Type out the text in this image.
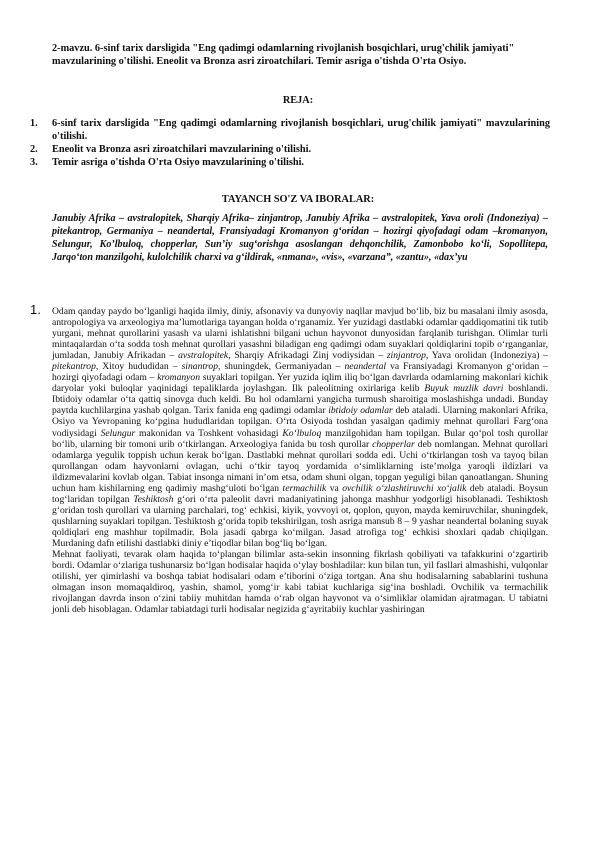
2-mavzu. 6-sinf tarix darsligida "Eng qadimgi odamlarning rivojlanish bosqichlari, urug'chilik jamiyati" mavzularining o'tilishi. Eneolit va Bronza asri ziroatchilari. Temir asriga o'tishda O'rta Osiyo.
REJA:
1. 6-sinf tarix darsligida "Eng qadimgi odamlarning rivojlanish bosqichlari, urug'chilik jamiyati" mavzularining o'tilishi.
2. Eneolit va Bronza asri ziroatchilari mavzularining o'tilishi.
3. Temir asriga o'tishda O'rta Osiyo mavzularining o'tilishi.
TAYANCH SO'Z VA IBORALAR:
Janubiy Afrika – avstralopitek, Sharqiy Afrika– zinjantrop, Janubiy Afrika – avstralopitek, Yava oroli (Indoneziya) – pitekantrop, Germaniya – neandertal, Fransiyadagi Kromanyon g‘oridan – hozirgi qiyofadagi odam –kromanyon, Selungur, Ko’lbuloq, chopperlar, Sun’iy sug‘orishga asoslangan dehqonchilik, Zamonbobo ko‘li, Sopollitepa, Jarqo‘ton manzilgohi, kulolchilik charxi va g‘ildirak, «nmana», «vis», «varzana”, «zantu», «dax’yu
1. Odam qanday paydo bo‘lganligi haqida ilmiy, diniy, afsonaviy va dunyoviy naqllar mavjud bo‘lib, biz bu masalani ilmiy asosda, antropologiya va arxeologiya ma’lumotlariga tayangan holda o‘rganamiz. Yer yuzidagi dastlabki odamlar qaddiqomatini tik tutib yurgani, mehnat qurollarini yasash va ularni ishlatishni bilgani uchun hayvonot dunyosidan farqlanib turishgan. Olimlar turli mintaqalardan o‘ta sodda tosh mehnat qurollari yasashni biladigan eng qadimgi odam suyaklari qoldiqlarini topib o‘rganganlar, jumladan, Janubiy Afrikadan – avstralopitek, Sharqiy Afrikadagi Zinj vodiysidan – zinjantrop, Yava orolidan (Indoneziya) – pitekantrop, Xitoy hududidan – sinantrop, shuningdek, Germaniyadan – neandertal va Fransiyadagi Kromanyon g‘oridan – hozirgi qiyofadagi odam – kromanyon suyaklari topilgan. Yer yuzida iqlim iliq bo‘lgan davrlarda odamlarning makonlari kichik daryolar yoki buloqlar yaqinidagi tepaliklarda joylashgan. Ilk paleolitning oxirlariga kelib Buyuk muzlik davri boshlandi. Ibtidoiy odamlar o‘ta qattiq sinovga duch keldi. Bu hol odamlarni yangicha turmush sharoitiga moslashishga undadi. Bunday paytda kuchlilargina yashab qolgan. Tarix fanida eng qadimgi odamlar ibtidoiy odamlar deb ataladi. Ularning makonlari Afrika, Osiyo va Yevropaning ko‘pgina hududlaridan topilgan. O‘rta Osiyoda toshdan yasalgan qadimiy mehnat qurollari Farg‘ona vodiysidagi Selungur makonidan va Toshkent vohasidagi Ko‘lbuloq manzilgohidan ham topilgan. Bular qo‘pol tosh qurollar bo‘lib, ularning bir tomoni urib o‘tkirlangan. Arxeologiya fanida bu tosh qurollar chopperlar deb nomlangan. Mehnat qurollari odamlarga yegulik toppish uchun kerak bo‘lgan. Dastlabki mehnat qurollari sodda edi. Uchi o‘tkirlangan tosh va tayoq bilan qurollangan odam hayvonlarni ovlagan, uchi o‘tkir tayoq yordamida o‘simliklarning iste’molga yaroqli ildizlari va ildizmevalarini kovlab olgan. Tabiat insonga nimani in’om etsa, odam shuni olgan, topgan yeguligi bilan qanoatlangan. Shuning uchun ham kishilarning eng qadimiy mashg‘uloti bo‘lgan termachilik va ovchilik o‘zlashtiruvchi xo‘jalik deb ataladi. Boysun tog‘laridan topilgan Teshiktosh g‘ori o‘rta paleolit davri madaniyatining jahonga mashhur yodgorligi hisoblanadi. Teshiktosh g‘oridan tosh qurollari va ularning parchalari, tog‘ echkisi, kiyik, yovvoyi ot, qoplon, quyon, mayda kemiruvchilar, shuningdek, qushlarning suyaklari topilgan. Teshiktosh g‘orida topib tekshirilgan, tosh asriga mansub 8 – 9 yashar neandertal bolaning suyak qoldiqlari eng mashhur topilmadir. Bola jasadi qabrga ko‘milgan. Jasad atrofiga tog‘ echkisi shoxlari qadab chiqilgan. Murdaning dafn etilishi dastlabki diniy e’tiqodlar bilan bog‘liq bo‘lgan.

Mehnat faoliyati, tevarak olam haqida to‘plangan bilimlar asta-sekin insonning fikrlash qobiliyati va tafakkurini o‘zgartirib bordi. Odamlar o‘zlariga tushunarsiz bo‘lgan hodisalar haqida o‘ylay boshladilar: kun bilan tun, yil fasllari almashishi, vulqonlar otilishi, yer qimirlashi va boshqa tabiat hodisalari odam e’tiborini o‘ziga tortgan. Ana shu hodisalarning sabablarini tushuna olmagan inson momaqaldiroq, yashin, shamol, yomg‘ir kabi tabiat kuchlariga sig‘ina boshladi. Ovchilik va termachilik rivojlangan davrda inson o‘zini tabiiy muhitdan hamda o‘rab olgan hayvonot va o‘simliklar olamidan ajratmagan. U tabiatni jonli deb hisoblagan. Odamlar tabiatdagi turli hodisalar negizida g‘ayritabiiy kuchlar yashiringan
